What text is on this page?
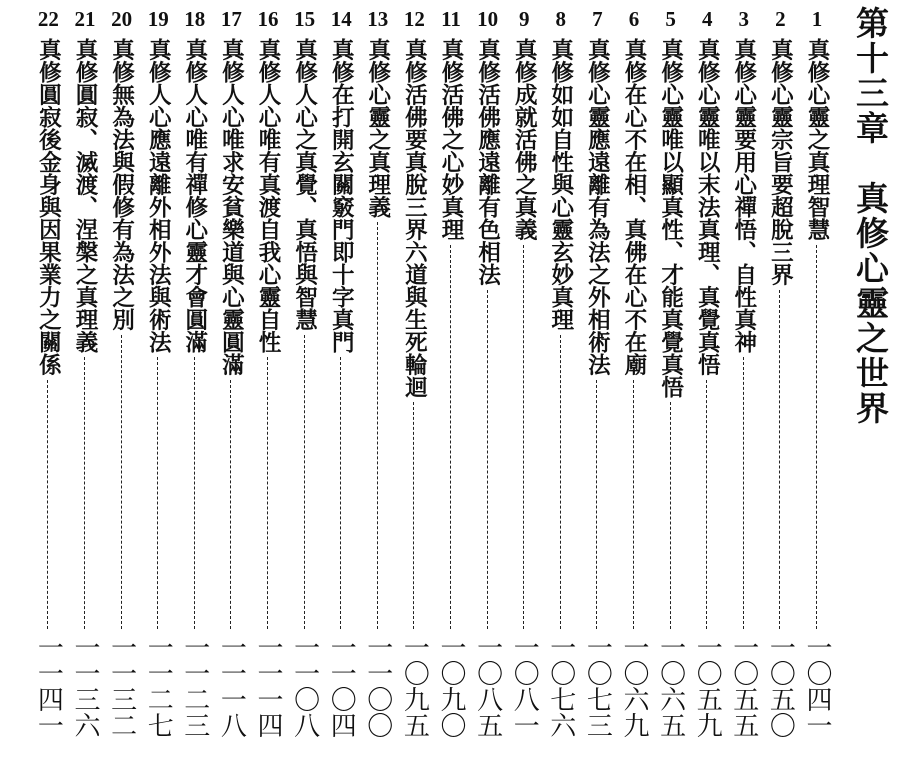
第十三章　真修心靈之世界
1
真修心靈之真理智慧
一〇四一
2
真修心靈宗旨要超脫三界
一〇五〇
3
真修心靈要用心禪悟、自性真神
一〇五五
4
真修心靈唯以末法真理、真覺真悟
一〇五九
5
真修心靈唯以顯真性、才能真覺真悟
一〇六五
6
真修在心不在相、真佛在心不在廟
一〇六九
7
真修心靈應遠離有為法之外相術法
一〇七三
8
真修如如自性與心靈玄妙真理
一〇七六
9
真修成就活佛之真義
一〇八一
10
真修活佛應遠離有色相法
一〇八五
11
真修活佛之心妙真理
一〇九〇
12
真修活佛要真脫三界六道與生死輪迴
一〇九五
13
真修心靈之真理義
一一〇〇
14
真修在打開玄關竅門即十字真門
一一〇四
15
真修人心之真覺、真悟與智慧
一一〇八
16
真修人心唯有真渡自我心靈自性
一一一四
17
真修人心唯求安貧樂道與心靈圓滿
一一一八
18
真修人心唯有禪修心靈才會圓滿
一一二三
19
真修人心應遠離外相外法與術法
一一二七
20
真修無為法與假修有為法之別
一一三二
21
真修圓寂、滅渡、涅槃之真理義
一一三六
22
真修圓寂後金身與因果業力之關係
一一四一
